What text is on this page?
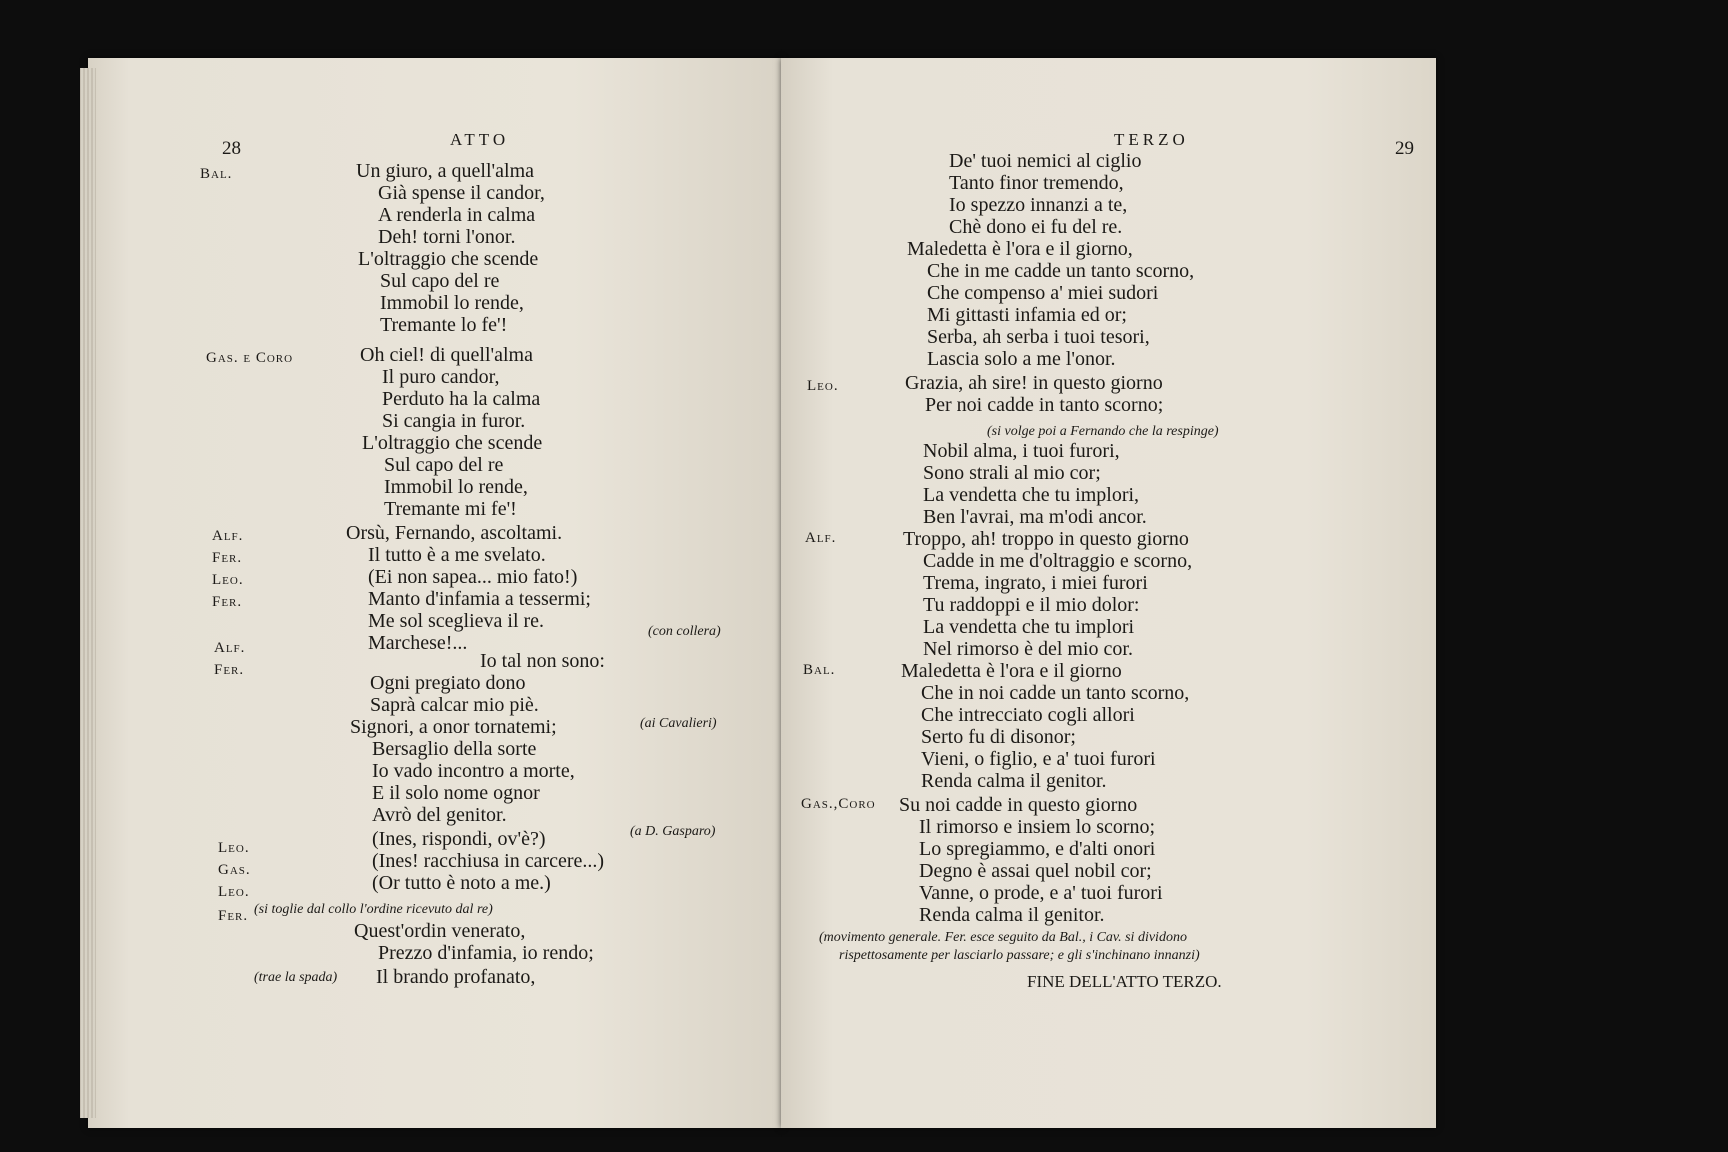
28	ATTO
Bal.
Gas. e Coro
Alf.
Fer.
Leo.
Fer.
Alf.
Fer.
Leo.
Gas.
Leo.
Fer.
Un giuro, a quell'alma
Già spense il candor,
A renderla in calma
Deh! torni l'onor.
L'oltraggio che scende
Sul capo del re
Immobil lo rende,
Tremante lo fe'!
Oh ciel! di quell'alma
Il puro candor,
Perduto ha la calma
Si cangia in furor.
L'oltraggio che scende
Sul capo del re
Immobil lo rende,
Tremante mi fe'!
Orsù, Fernando, ascoltami.
Il tutto è a me svelato.
(Ei non sapea... mio fato!)
Manto d'infamia a tessermi;
Me sol sceglieva il re.
Marchese!...
Io tal non sono:
Ogni pregiato dono
Saprà calcar mio piè.
Signori, a onor tornatemi;
Bersaglio della sorte
Io vado incontro a morte,
E il solo nome ognor
Avrò del genitor.
(Ines, rispondi, ov'è?)
(Ines! racchiusa in carcere...)
(Or tutto è noto a me.)
Quest'ordin venerato,
Prezzo d'infamia, io rendo;
Il brando profanato,
(con collera)
(ai Cavalieri)
(a D. Gasparo)
(si toglie dal collo l'ordine ricevuto dal re)
(trae la spada)
TERZO	29
Leo.
Alf.
Bal.
Gas.,Coro
De' tuoi nemici al ciglio
Tanto finor tremendo,
Io spezzo innanzi a te,
Chè dono ei fu del re.
Maledetta è l'ora e il giorno,
Che in me cadde un tanto scorno,
Che compenso a' miei sudori
Mi gittasti infamia ed or;
Serba, ah serba i tuoi tesori,
Lascia solo a me l'onor.
Grazia, ah sire! in questo giorno
Per noi cadde in tanto scorno;
Nobil alma, i tuoi furori,
Sono strali al mio cor;
La vendetta che tu implori,
Ben l'avrai, ma m'odi ancor.
Troppo, ah! troppo in questo giorno
Cadde in me d'oltraggio e scorno,
Trema, ingrato, i miei furori
Tu raddoppi e il mio dolor:
La vendetta che tu implori
Nel rimorso è del mio cor.
Maledetta è l'ora e il giorno
Che in noi cadde un tanto scorno,
Che intrecciato cogli allori
Serto fu di disonor;
Vieni, o figlio, e a' tuoi furori
Renda calma il genitor.
Su noi cadde in questo giorno
Il rimorso e insiem lo scorno;
Lo spregiammo, e d'alti onori
Degno è assai quel nobil cor;
Vanne, o prode, e a' tuoi furori
Renda calma il genitor.
(si volge poi a Fernando che la respinge)
(movimento generale. Fer. esce seguito da Bal., i Cav. si dividono
rispettosamente per lasciarlo passare; e gli s'inchinano innanzi)
FINE DELL'ATTO TERZO.
